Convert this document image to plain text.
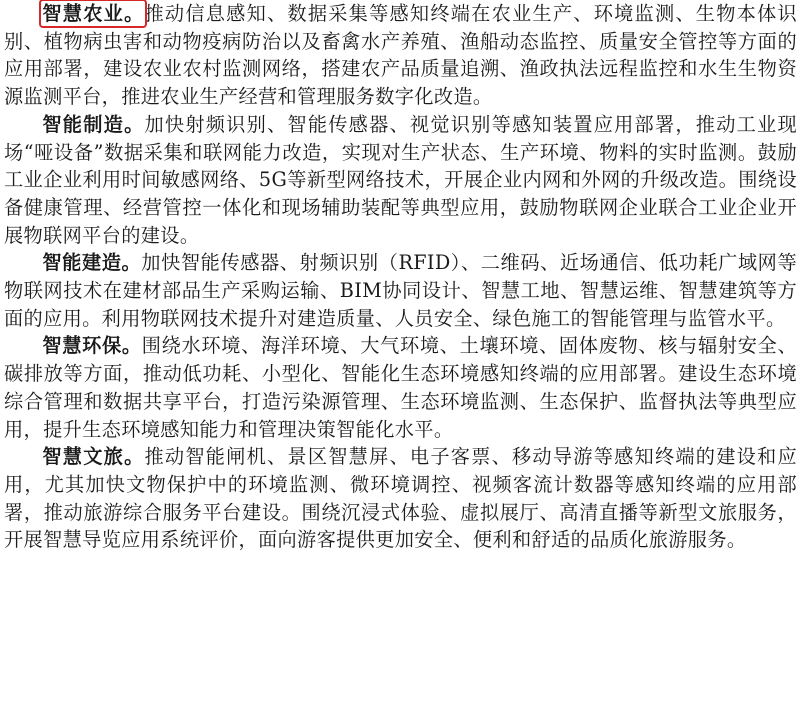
智慧农业。推动信息感知、数据采集等感知终端在农业生产、环境监测、生物本体识别、植物病虫害和动物疫病防治以及畜禽水产养殖、渔船动态监控、质量安全管控等方面的应用部署，建设农业农村监测网络，搭建农产品质量追溯、渔政执法远程监控和水生生物资源监测平台，推进农业生产经营和管理服务数字化改造。

智能制造。加快射频识别、智能传感器、视觉识别等感知装置应用部署，推动工业现场“哑设备”数据采集和联网能力改造，实现对生产状态、生产环境、物料的实时监测。鼓励工业企业利用时间敏感网络、5G等新型网络技术，开展企业内网和外网的升级改造。围绕设备健康管理、经营管控一体化和现场辅助装配等典型应用，鼓励物联网企业联合工业企业开展物联网平台的建设。

智能建造。加快智能传感器、射频识别（RFID）、二维码、近场通信、低功耗广域网等物联网技术在建材部品生产采购运输、BIM协同设计、智慧工地、智慧运维、智慧建筑等方面的应用。利用物联网技术提升对建造质量、人员安全、绿色施工的智能管理与监管水平。

智慧环保。围绕水环境、海洋环境、大气环境、土壤环境、固体废物、核与辐射安全、碳排放等方面，推动低功耗、小型化、智能化生态环境感知终端的应用部署。建设生态环境综合管理和数据共享平台，打造污染源管理、生态环境监测、生态保护、监督执法等典型应用，提升生态环境感知能力和管理决策智能化水平。

智慧文旅。推动智能闸机、景区智慧屏、电子客票、移动导游等感知终端的建设和应用，尤其加快文物保护中的环境监测、微环境调控、视频客流计数器等感知终端的应用部署，推动旅游综合服务平台建设。围绕沉浸式体验、虚拟展厅、高清直播等新型文旅服务，开展智慧导览应用系统评价，面向游客提供更加安全、便利和舒适的品质化旅游服务。
